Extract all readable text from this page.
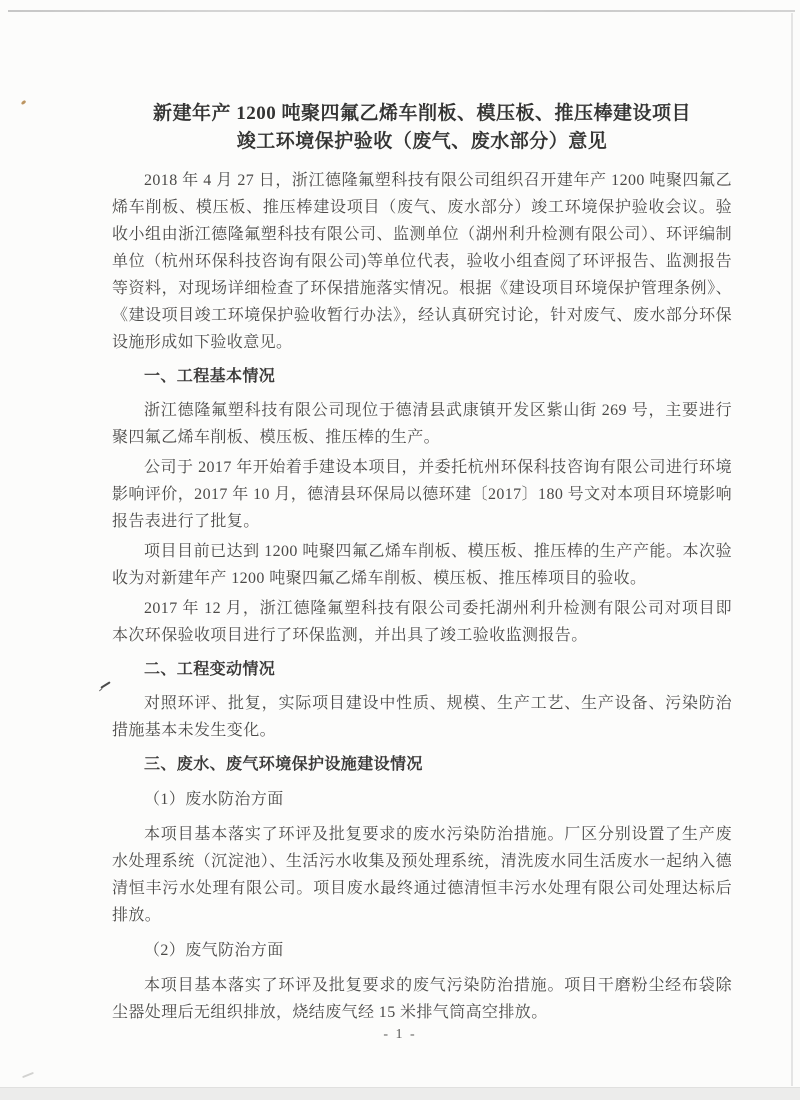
新建年产 1200 吨聚四氟乙烯车削板、模压板、推压棒建设项目
竣工环境保护验收（废气、废水部分）意见

2018 年 4 月 27 日，浙江德隆氟塑科技有限公司组织召开建年产 1200 吨聚四氟乙烯车削板、模压板、推压棒建设项目（废气、废水部分）竣工环境保护验收会议。验收小组由浙江德隆氟塑科技有限公司、监测单位（湖州利升检测有限公司）、环评编制单位（杭州环保科技咨询有限公司)等单位代表，验收小组查阅了环评报告、监测报告等资料，对现场详细检查了环保措施落实情况。根据《建设项目环境保护管理条例》、《建设项目竣工环境保护验收暂行办法》，经认真研究讨论，针对废气、废水部分环保设施形成如下验收意见。

一、工程基本情况

浙江德隆氟塑科技有限公司现位于德清县武康镇开发区紫山街 269 号，主要进行聚四氟乙烯车削板、模压板、推压棒的生产。

公司于 2017 年开始着手建设本项目，并委托杭州环保科技咨询有限公司进行环境影响评价，2017 年 10 月，德清县环保局以德环建〔2017〕180 号文对本项目环境影响报告表进行了批复。

项目目前已达到 1200 吨聚四氟乙烯车削板、模压板、推压棒的生产产能。本次验收为对新建年产 1200 吨聚四氟乙烯车削板、模压板、推压棒项目的验收。

2017 年 12 月，浙江德隆氟塑科技有限公司委托湖州利升检测有限公司对项目即本次环保验收项目进行了环保监测，并出具了竣工验收监测报告。

二、工程变动情况

对照环评、批复，实际项目建设中性质、规模、生产工艺、生产设备、污染防治措施基本未发生变化。

三、废水、废气环境保护设施建设情况

（1）废水防治方面

本项目基本落实了环评及批复要求的废水污染防治措施。厂区分别设置了生产废水处理系统（沉淀池）、生活污水收集及预处理系统，清洗废水同生活废水一起纳入德清恒丰污水处理有限公司。项目废水最终通过德清恒丰污水处理有限公司处理达标后排放。

（2）废气防治方面

本项目基本落实了环评及批复要求的废气污染防治措施。项目干磨粉尘经布袋除尘器处理后无组织排放，烧结废气经 15 米排气筒高空排放。

- 1 -
